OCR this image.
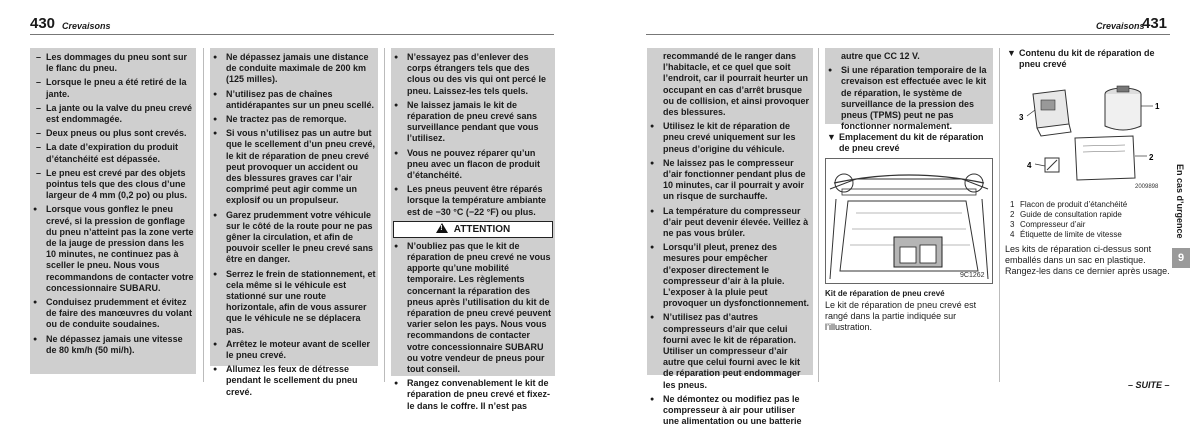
430 Crevaisons
– Les dommages du pneu sont sur le flanc du pneu.
– Lorsque le pneu a été retiré de la jante.
– La jante ou la valve du pneu crevé est endommagée.
– Deux pneus ou plus sont crevés.
– La date d’expiration du produit d’étanchéité est dépassée.
– Le pneu est crevé par des objets pointus tels que des clous d’une largeur de 4 mm (0,2 po) ou plus.
● Lorsque vous gonflez le pneu crevé, si la pression de gonflage du pneu n’atteint pas la zone verte de la jauge de pression dans les 10 minutes, ne continuez pas à sceller le pneu. Nous vous recommandons de contacter votre concessionnaire SUBARU.
● Conduisez prudemment et évitez de faire des manœuvres du volant ou de conduite soudaines.
● Ne dépassez jamais une vitesse de 80 km/h (50 mi/h).
● Ne dépassez jamais une distance de conduite maximale de 200 km (125 milles).
● N’utilisez pas de chaînes antidérapantes sur un pneu scellé.
● Ne tractez pas de remorque.
● Si vous n’utilisez pas un autre but que le scellement d’un pneu crevé, le kit de réparation de pneu crevé peut provoquer un accident ou des blessures graves car l’air comprimé peut agir comme un explosif ou un propulseur.
● Garez prudemment votre véhicule sur le côté de la route pour ne pas gêner la circulation, et afin de pouvoir sceller le pneu crevé sans être en danger.
● Serrez le frein de stationnement, et cela même si le véhicule est stationné sur une route horizontale, afin de vous assurer que le véhicule ne se déplacera pas.
● Arrêtez le moteur avant de sceller le pneu crevé.
● Allumez les feux de détresse pendant le scellement du pneu crevé.
● N’essayez pas d’enlever des corps étrangers tels que des clous ou des vis qui ont percé le pneu. Laissez-les tels quels.
● Ne laissez jamais le kit de réparation de pneu crevé sans surveillance pendant que vous l’utilisez.
● Vous ne pouvez réparer qu’un pneu avec un flacon de produit d’étanchéité.
● Les pneus peuvent être réparés lorsque la température ambiante est de −30 °C (−22 °F) ou plus.
! ATTENTION
● N’oubliez pas que le kit de réparation de pneu crevé ne vous apporte qu’une mobilité temporaire. Les règlements concernant la réparation des pneus après l’utilisation du kit de réparation de pneu crevé peuvent varier selon les pays. Nous vous recommandons de contacter votre concessionnaire SUBARU ou votre vendeur de pneus pour tout conseil.
● Rangez convenablement le kit de réparation de pneu crevé et fixez-le dans le coffre. Il n’est pas
Crevaisons
431
recommandé de le ranger dans l’habitacle, et ce quel que soit l’endroit, car il pourrait heurter un occupant en cas d’arrêt brusque ou de collision, et ainsi provoquer des blessures.
● Utilisez le kit de réparation de pneu crevé uniquement sur les pneus d’origine du véhicule.
● Ne laissez pas le compresseur d’air fonctionner pendant plus de 10 minutes, car il pourrait y avoir un risque de surchauffe.
● La température du compresseur d’air peut devenir élevée. Veillez à ne pas vous brûler.
● Lorsqu’il pleut, prenez des mesures pour empêcher d’exposer directement le compresseur d’air à la pluie. L’exposer à la pluie peut provoquer un dysfonctionnement.
● N’utilisez pas d’autres compresseurs d’air que celui fourni avec le kit de réparation. Utiliser un compresseur d’air autre que celui fourni avec le kit de réparation peut endommager les pneus.
● Ne démontez ou modifiez pas le compresseur à air pour utiliser une alimentation ou une batterie
autre que CC 12 V.
● Si une réparation temporaire de la crevaison est effectuée avec le kit de réparation, le système de surveillance de la pression des pneus (TPMS) peut ne pas fonctionner normalement.
▼ Emplacement du kit de réparation de pneu crevé
9C1262
Kit de réparation de pneu crevé
Le kit de réparation de pneu crevé est rangé dans la partie indiquée sur l’illustration.
▼ Contenu du kit de réparation de pneu crevé
3
1
2
4
2009898
1 Flacon de produit d’étanchéité
2 Guide de consultation rapide
3 Compresseur d’air
4 Étiquette de limite de vitesse
Les kits de réparation ci-dessus sont emballés dans un sac en plastique. Rangez-les dans ce dernier après usage.
En cas d’urgence
9
– SUITE –
